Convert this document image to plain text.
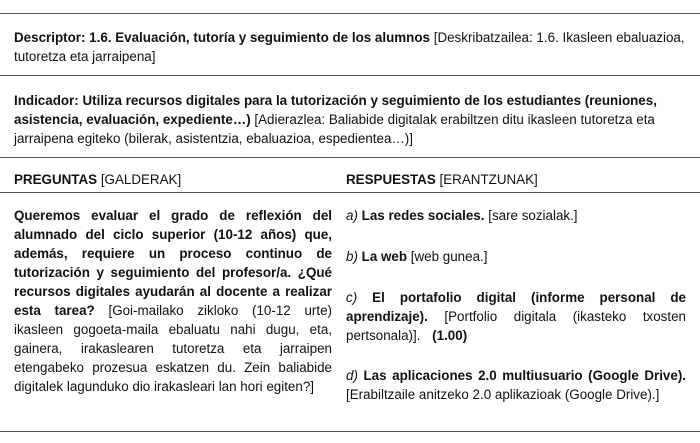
Descriptor: 1.6. Evaluación, tutoría y seguimiento de los alumnos [Deskribatzailea: 1.6. Ikasleen ebaluazioa, tutoretza eta jarraipena]
Indicador: Utiliza recursos digitales para la tutorización y seguimiento de los estudiantes (reuniones, asistencia, evaluación, expediente…) [Adierazlea: Baliabide digitalak erabiltzen ditu ikasleen tutoretza eta jarraipena egiteko (bilerak, asistentzia, ebaluazioa, espedientea…)]
PREGUNTAS [GALDERAK]	RESPUESTAS [ERANTZUNAK]
Queremos evaluar el grado de reflexión del alumnado del ciclo superior (10-12 años) que, además, requiere un proceso continuo de tutorización y seguimiento del profesor/a. ¿Qué recursos digitales ayudarán al docente a realizar esta tarea? [Goi-mailako zikloko (10-12 urte) ikasleen gogoeta-maila ebaluatu nahi dugu, eta, gainera, irakaslearen tutoretza eta jarraipen etengabeko prozesua eskatzen du. Zein baliabide digitalek lagunduko dio irakasleari lan hori egiten?]
a) Las redes sociales. [sare sozialak.]
b) La web [web gunea.]
c) El portafolio digital (informe personal de aprendizaje). [Portfolio digitala (ikasteko txosten pertsonala)]. (1.00)
d) Las aplicaciones 2.0 multiusuario (Google Drive). [Erabiltzaile anitzeko 2.0 aplikazioak (Google Drive).]
